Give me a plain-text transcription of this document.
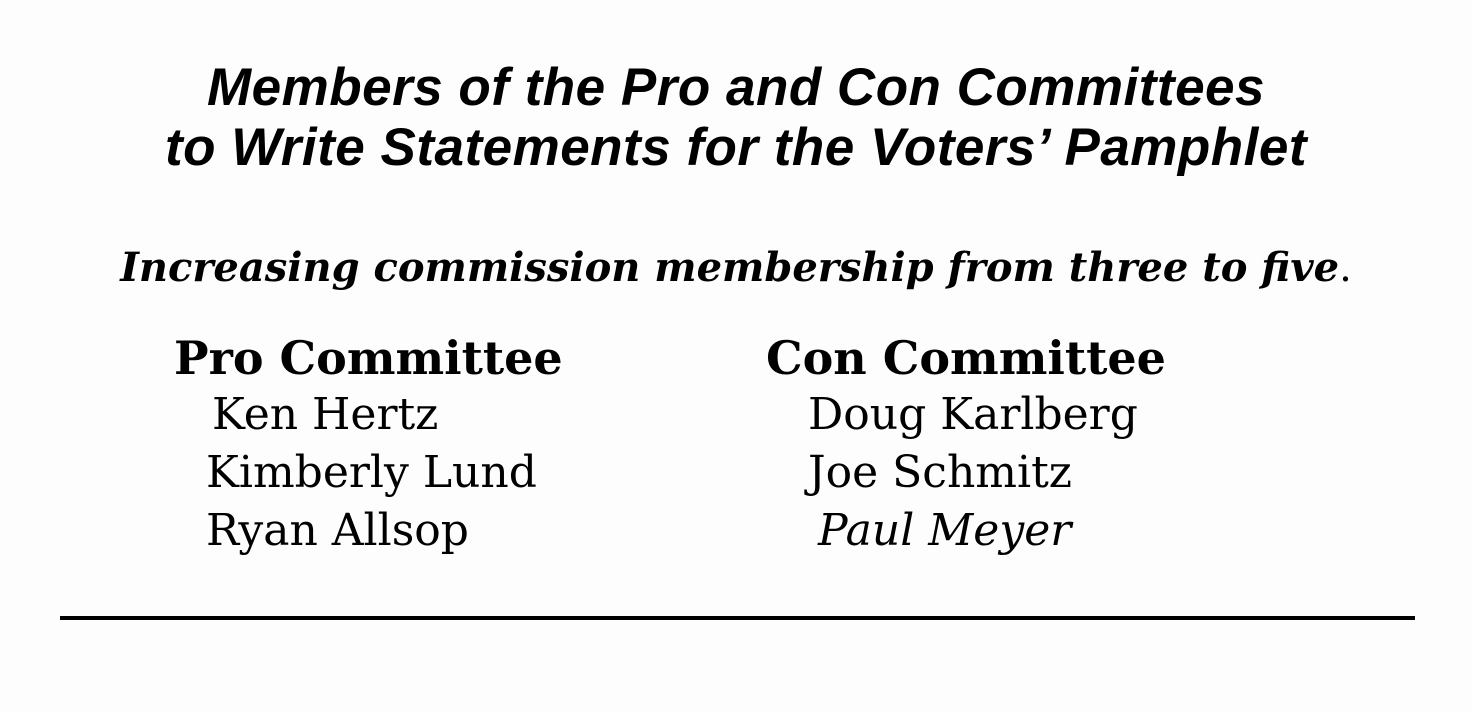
Members of the Pro and Con Committees
to Write Statements for the Voters’ Pamphlet
Increasing commission membership from three to five.
Pro Committee
Ken Hertz
Kimberly Lund
Ryan Allsop
Con Committee
Doug Karlberg
Joe Schmitz
Paul Meyer
